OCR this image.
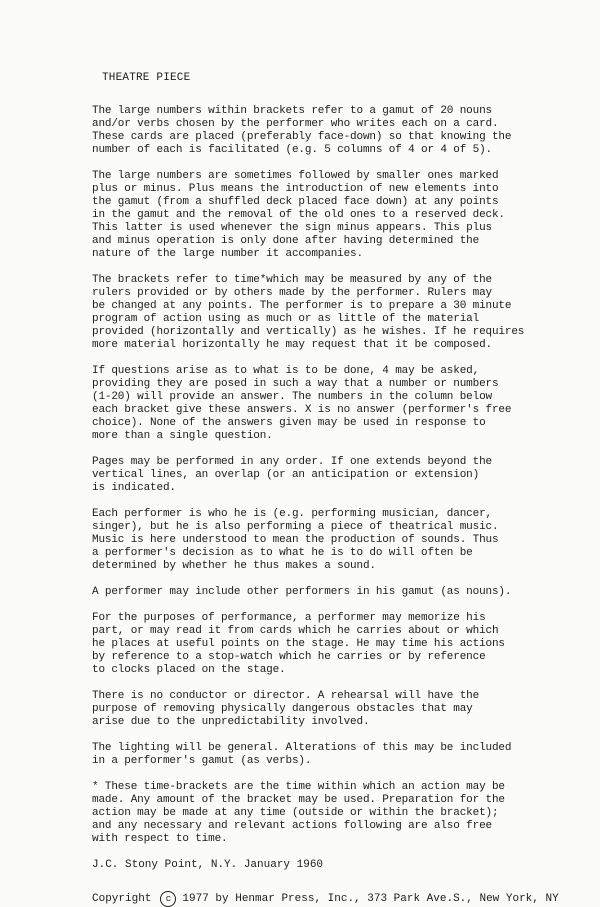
THEATRE PIECE
The large numbers within brackets refer to a gamut of 20 nouns
and/or verbs chosen by the performer who writes each on a card.
These cards are placed (preferably face-down) so that knowing the
number of each is facilitated (e.g. 5 columns of 4 or 4 of 5).
The large numbers are sometimes followed by smaller ones marked
plus or minus. Plus means the introduction of new elements into
the gamut (from a shuffled deck placed face down) at any points
in the gamut and the removal of the old ones to a reserved deck.
This latter is used whenever the sign minus appears. This plus
and minus operation is only done after having determined the
nature of the large number it accompanies.
The brackets refer to time*which may be measured by any of the
rulers provided or by others made by the performer. Rulers may
be changed at any points. The performer is to prepare a 30 minute
program of action using as much or as little of the material
provided (horizontally and vertically) as he wishes. If he requires
more material horizontally he may request that it be composed.
If questions arise as to what is to be done, 4 may be asked,
providing they are posed in such a way that a number or numbers
(1-20) will provide an answer. The numbers in the column below
each bracket give these answers. X is no answer (performer's free
choice). None of the answers given may be used in response to
more than a single question.
Pages may be performed in any order. If one extends beyond the
vertical lines, an overlap (or an anticipation or extension)
is indicated.
Each performer is who he is (e.g. performing musician, dancer,
singer), but he is also performing a piece of theatrical music.
Music is here understood to mean the production of sounds. Thus
a performer's decision as to what he is to do will often be
determined by whether he thus makes a sound.
A performer may include other performers in his gamut (as nouns).
For the purposes of performance, a performer may memorize his
part, or may read it from cards which he carries about or which
he places at useful points on the stage. He may time his actions
by reference to a stop-watch which he carries or by reference
to clocks placed on the stage.
There is no conductor or director. A rehearsal will have the
purpose of removing physically dangerous obstacles that may
arise due to the unpredictability involved.
The lighting will be general. Alterations of this may be included
in a performer's gamut (as verbs).
* These time-brackets are the time within which an action may be
made. Any amount of the bracket may be used. Preparation for the
action may be made at any time (outside or within the bracket);
and any necessary and relevant actions following are also free
with respect to time.
J.C. Stony Point, N.Y. January 1960
Copyright	c	1977 by Henmar Press, Inc., 373 Park Ave.S., New York, NY
